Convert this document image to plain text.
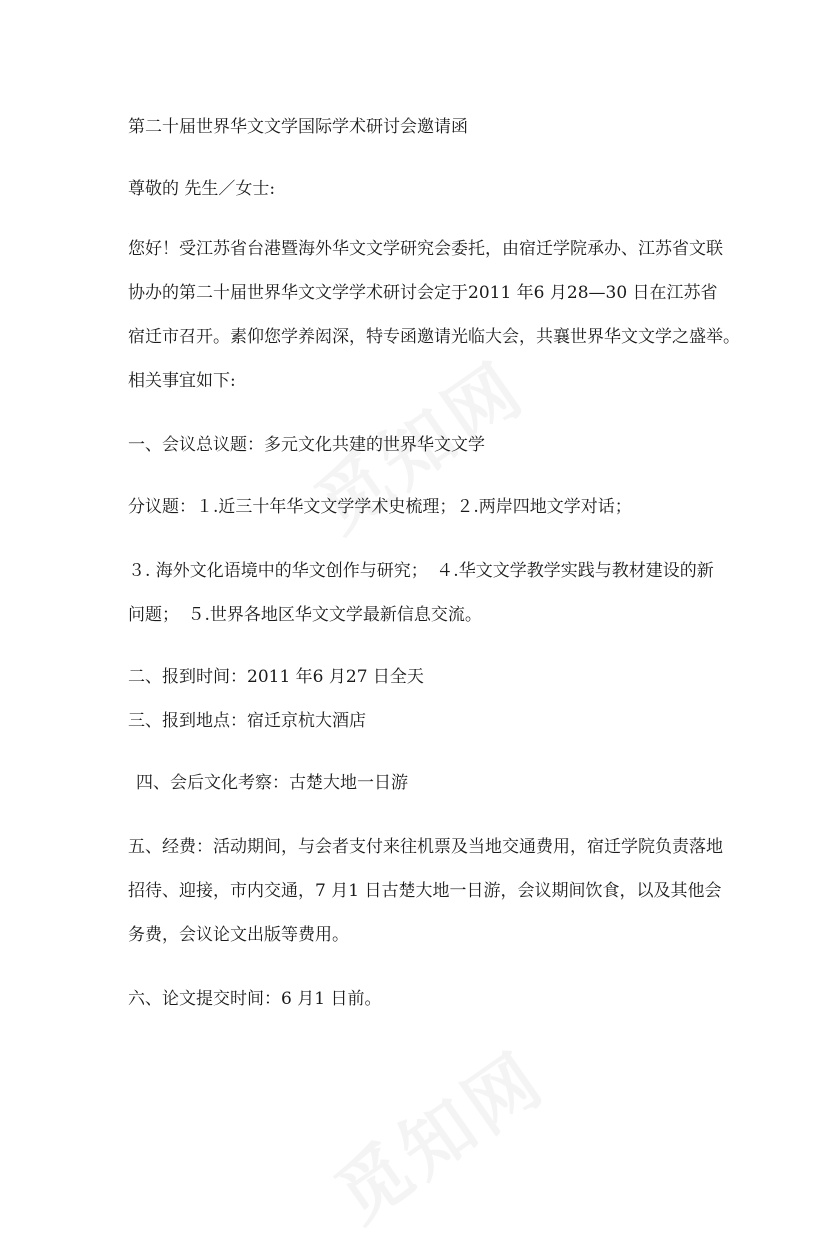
第二十届世界华文文学国际学术研讨会邀请函

尊敬的 先生／女士:

您好！受江苏省台港暨海外华文文学研究会委托，由宿迁学院承办、江苏省文联

协办的第二十届世界华文文学学术研讨会定于2011 年6 月28—30 日在江苏省

宿迁市召开。素仰您学养闳深，特专函邀请光临大会，共襄世界华文文学之盛举。

相关事宜如下:

一、会议总议题：多元文化共建的世界华文文学

分议题：１.近三十年华文文学学术史梳理；２.两岸四地文学对话；

３. 海外文化语境中的华文创作与研究；　４.华文文学教学实践与教材建设的新

问题；　５.世界各地区华文文学最新信息交流。

二、报到时间：2011 年6 月27 日全天

三、报到地点：宿迁京杭大酒店

四、会后文化考察：古楚大地一日游

五、经费：活动期间，与会者支付来往机票及当地交通费用，宿迁学院负责落地

招待、迎接，市内交通，7 月1 日古楚大地一日游，会议期间饮食，以及其他会

务费，会议论文出版等费用。

六、论文提交时间：6 月1 日前。
